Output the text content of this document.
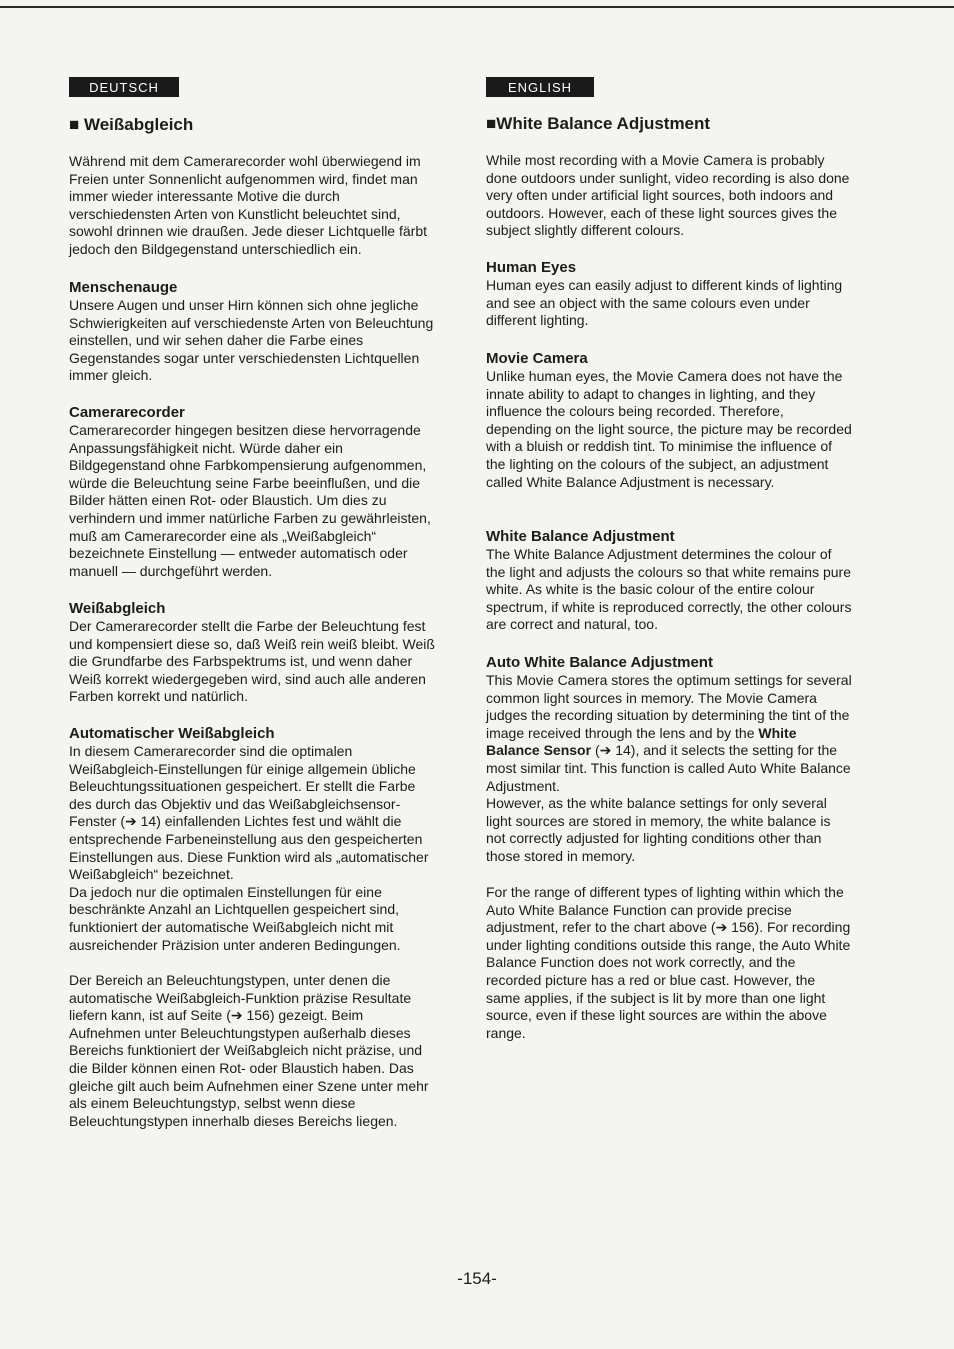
DEUTSCH
■ Weißabgleich

Während mit dem Camerarecorder wohl überwiegend im Freien unter Sonnenlicht aufgenommen wird, findet man immer wieder interessante Motive die durch verschiedensten Arten von Kunstlicht beleuchtet sind, sowohl drinnen wie draußen. Jede dieser Lichtquelle färbt jedoch den Bildgegenstand unterschiedlich ein.

Menschenauge

Unsere Augen und unser Hirn können sich ohne jegliche Schwierigkeiten auf verschiedenste Arten von Beleuchtung einstellen, und wir sehen daher die Farbe eines Gegenstandes sogar unter verschiedensten Lichtquellen immer gleich.

Camerarecorder

Camerarecorder hingegen besitzen diese hervorragende Anpassungsfähigkeit nicht. Würde daher ein Bildgegenstand ohne Farbkompensierung aufgenommen, würde die Beleuchtung seine Farbe beeinflußen, und die Bilder hätten einen Rot- oder Blaustich. Um dies zu verhindern und immer natürliche Farben zu gewährleisten, muß am Camerarecorder eine als „Weißabgleich“ bezeichnete Einstellung — entweder automatisch oder manuell — durchgeführt werden.

Weißabgleich

Der Camerarecorder stellt die Farbe der Beleuchtung fest und kompensiert diese so, daß Weiß rein weiß bleibt. Weiß die Grundfarbe des Farbspektrums ist, und wenn daher Weiß korrekt wiedergegeben wird, sind auch alle anderen Farben korrekt und natürlich.

Automatischer Weißabgleich

In diesem Camerarecorder sind die optimalen Weißabgleich-Einstellungen für einige allgemein übliche Beleuchtungssituationen gespeichert. Er stellt die Farbe des durch das Objektiv und das Weißabgleichsensor-Fenster (➔ 14) einfallenden Lichtes fest und wählt die entsprechende Farbeneinstellung aus den gespeicherten Einstellungen aus. Diese Funktion wird als „automatischer Weißabgleich“ bezeichnet.

Da jedoch nur die optimalen Einstellungen für eine beschränkte Anzahl an Lichtquellen gespeichert sind, funktioniert der automatische Weißabgleich nicht mit ausreichender Präzision unter anderen Bedingungen.

Der Bereich an Beleuchtungstypen, unter denen die automatische Weißabgleich-Funktion präzise Resultate liefern kann, ist auf Seite (➔ 156) gezeigt. Beim Aufnehmen unter Beleuchtungstypen außerhalb dieses Bereichs funktioniert der Weißabgleich nicht präzise, und die Bilder können einen Rot- oder Blaustich haben. Das gleiche gilt auch beim Aufnehmen einer Szene unter mehr als einem Beleuchtungstyp, selbst wenn diese Beleuchtungstypen innerhalb dieses Bereichs liegen.

ENGLISH
■White Balance Adjustment

While most recording with a Movie Camera is probably done outdoors under sunlight, video recording is also done very often under artificial light sources, both indoors and outdoors. However, each of these light sources gives the subject slightly different colours.

Human Eyes

Human eyes can easily adjust to different kinds of lighting and see an object with the same colours even under different lighting.

Movie Camera

Unlike human eyes, the Movie Camera does not have the innate ability to adapt to changes in lighting, and they influence the colours being recorded. Therefore, depending on the light source, the picture may be recorded with a bluish or reddish tint. To minimise the influence of the lighting on the colours of the subject, an adjustment called White Balance Adjustment is necessary.

White Balance Adjustment

The White Balance Adjustment determines the colour of the light and adjusts the colours so that white remains pure white. As white is the basic colour of the entire colour spectrum, if white is reproduced correctly, the other colours are correct and natural, too.

Auto White Balance Adjustment

This Movie Camera stores the optimum settings for several common light sources in memory. The Movie Camera judges the recording situation by determining the tint of the image received through the lens and by the White Balance Sensor (➔ 14), and it selects the setting for the most similar tint. This function is called Auto White Balance Adjustment.

However, as the white balance settings for only several light sources are stored in memory, the white balance is not correctly adjusted for lighting conditions other than those stored in memory.

For the range of different types of lighting within which the Auto White Balance Function can provide precise adjustment, refer to the chart above (➔ 156). For recording under lighting conditions outside this range, the Auto White Balance Function does not work correctly, and the recorded picture has a red or blue cast. However, the same applies, if the subject is lit by more than one light source, even if these light sources are within the above range.

-154-
